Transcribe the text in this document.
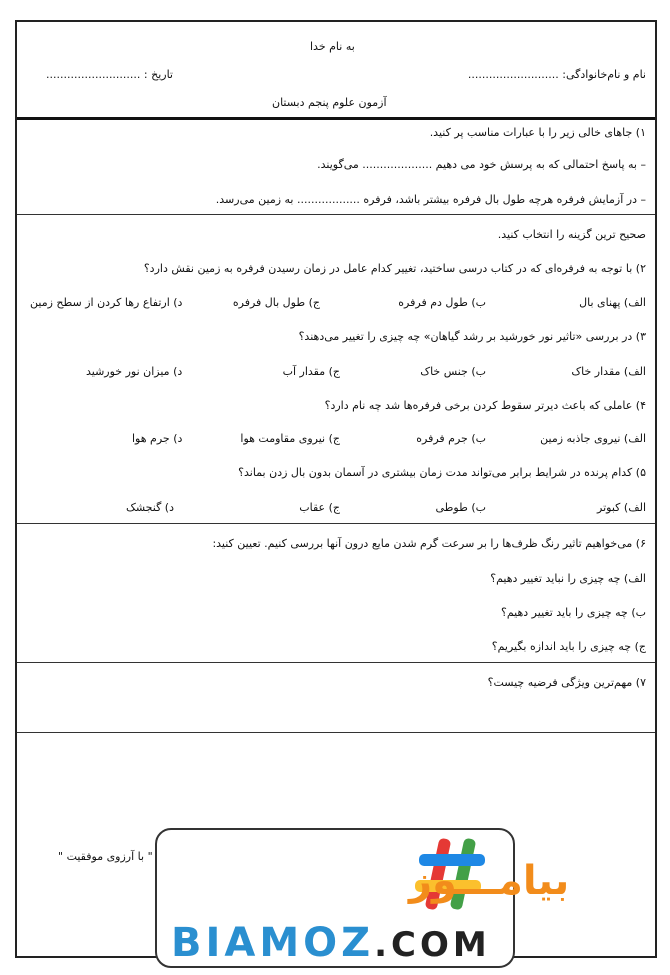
به نام خدا
نام و نام‌خانوادگی: ..........................
تاریخ : ...........................
آزمون علوم پنجم دبستان
۱) جاهای خالی زیر را با عبارات مناسب پر کنید.
– به پاسخ احتمالی که به پرسش خود می دهیم .................... می‌گویند.
– در آزمایش فرفره هرچه طول بال فرفره بیشتر باشد، فرفره .................. به زمین می‌رسد.
صحیح ترین گزینه را انتخاب کنید.
۲) با توجه به فرفره‌ای که در کتاب درسی ساختید، تغییر کدام عامل در زمان رسیدن فرفره به زمین نقش دارد؟
الف) پهنای بال
ب) طول دم فرفره
ج) طول بال فرفره
د) ارتفاع رها کردن از سطح زمین
۳) در بررسی «تاثیر نور خورشید بر رشد گیاهان» چه چیزی را تغییر می‌دهند؟
الف) مقدار خاک
ب) جنس خاک
ج) مقدار آب
د) میزان نور خورشید
۴) عاملی که باعث دیرتر سقوط کردن برخی فرفره‌ها شد چه نام دارد؟
الف) نیروی جاذبه زمین
ب) جرم فرفره
ج) نیروی مقاومت هوا
د) جرم هوا
۵) کدام پرنده در شرایط برابر می‌تواند مدت زمان بیشتری در آسمان بدون بال زدن بماند؟
الف) کبوتر
ب) طوطی
ج) عقاب
د) گنجشک
۶) می‌خواهیم تاثیر رنگ ظرف‌ها را بر سرعت گرم شدن مایع درون آنها بررسی کنیم. تعیین کنید:
الف) چه چیزی را نباید تغییر دهیم؟
ب) چه چیزی را باید تغییر دهیم؟
ج) چه چیزی را باید اندازه بگیریم؟
۷) مهم‌ترین ویژگی فرضیه چیست؟
" با آرزوی موفقیت "
بیامـــوز
BIAMOZ.COM
